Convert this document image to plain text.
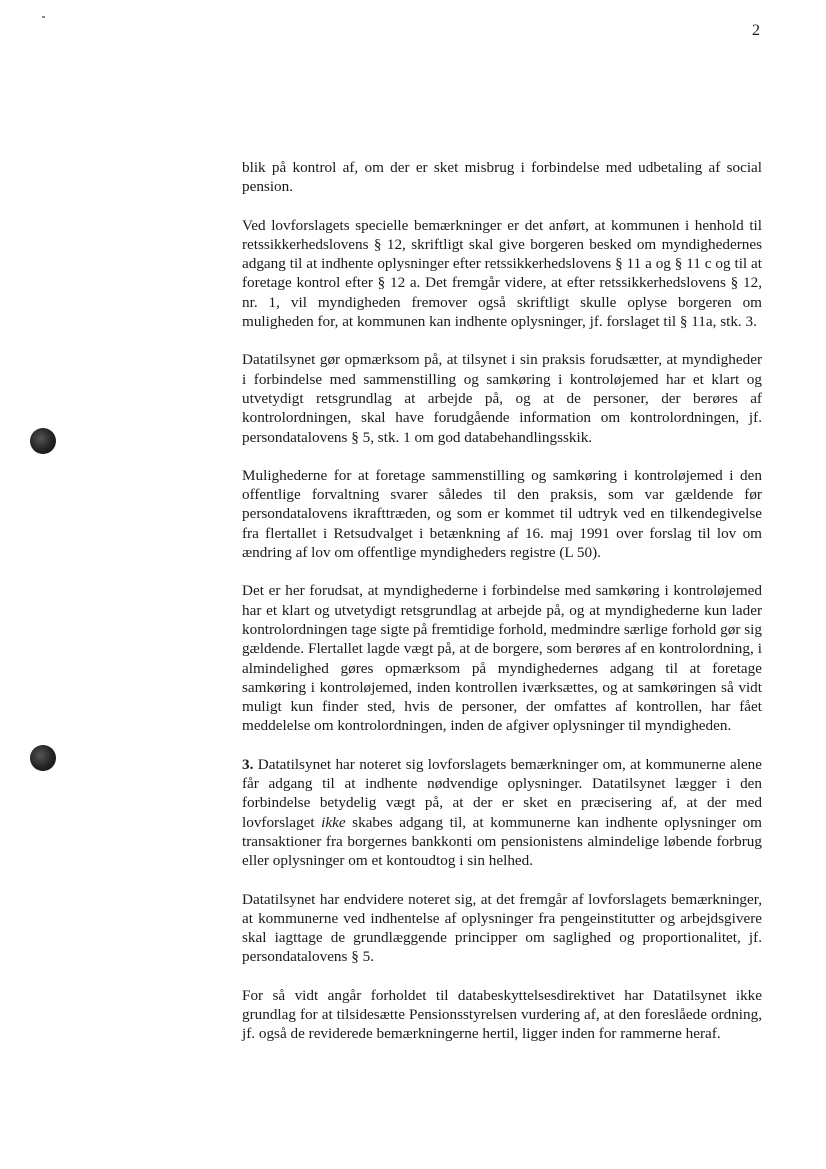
2

blik på kontrol af, om der er sket misbrug i forbindelse med udbetaling af social pension.

Ved lovforslagets specielle bemærkninger er det anført, at kommunen i henhold til retssikkerhedslovens § 12, skriftligt skal give borgeren besked om myndighedernes adgang til at indhente oplysninger efter retssikkerhedslovens § 11 a og § 11 c og til at foretage kontrol efter § 12 a. Det fremgår videre, at efter retssikkerhedslovens § 12, nr. 1, vil myndigheden fremover også skriftligt skulle oplyse borgeren om muligheden for, at kommunen kan indhente oplysninger, jf. forslaget til § 11a, stk. 3.

Datatilsynet gør opmærksom på, at tilsynet i sin praksis forudsætter, at myndigheder i forbindelse med sammenstilling og samkøring i kontroløjemed har et klart og utvetydigt retsgrundlag at arbejde på, og at de personer, der berøres af kontrolordningen, skal have forudgående information om kontrolordningen, jf. persondatalovens § 5, stk. 1 om god databehandlingsskik.

Mulighederne for at foretage sammenstilling og samkøring i kontroløjemed i den offentlige forvaltning svarer således til den praksis, som var gældende før persondatalovens ikrafttræden, og som er kommet til udtryk ved en tilkendegivelse fra flertallet i Retsudvalget i betænkning af 16. maj 1991 over forslag til lov om ændring af lov om offentlige myndigheders registre (L 50).

Det er her forudsat, at myndighederne i forbindelse med samkøring i kontroløjemed har et klart og utvetydigt retsgrundlag at arbejde på, og at myndighederne kun lader kontrolordningen tage sigte på fremtidige forhold, medmindre særlige forhold gør sig gældende. Flertallet lagde vægt på, at de borgere, som berøres af en kontrolordning, i almindelighed gøres opmærksom på myndighedernes adgang til at foretage samkøring i kontroløjemed, inden kontrollen iværksættes, og at samkøringen så vidt muligt kun finder sted, hvis de personer, der omfattes af kontrollen, har fået meddelelse om kontrolordningen, inden de afgiver oplysninger til myndigheden.

3. Datatilsynet har noteret sig lovforslagets bemærkninger om, at kommunerne alene får adgang til at indhente nødvendige oplysninger. Datatilsynet lægger i den forbindelse betydelig vægt på, at der er sket en præcisering af, at der med lovforslaget ikke skabes adgang til, at kommunerne kan indhente oplysninger om transaktioner fra borgernes bankkonti om pensionistens almindelige løbende forbrug eller oplysninger om et kontoudtog i sin helhed.

Datatilsynet har endvidere noteret sig, at det fremgår af lovforslagets bemærkninger, at kommunerne ved indhentelse af oplysninger fra pengeinstitutter og arbejdsgivere skal iagttage de grundlæggende principper om saglighed og proportionalitet, jf. persondatalovens § 5.

For så vidt angår forholdet til databeskyttelsesdirektivet har Datatilsynet ikke grundlag for at tilsidesætte Pensionsstyrelsen vurdering af, at den foreslåede ordning, jf. også de reviderede bemærkningerne hertil, ligger inden for rammerne heraf.
